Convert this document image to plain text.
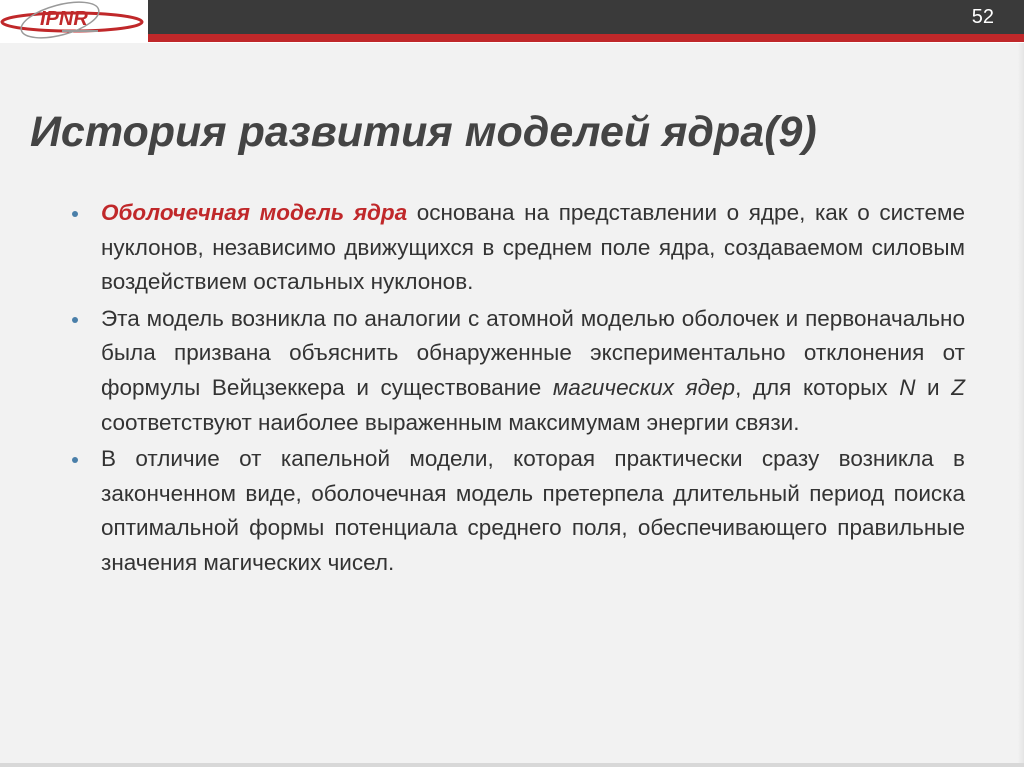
IPNR	52
История развития моделей ядра(9)
Оболочечная модель ядра основана на представлении о ядре, как о системе нуклонов, независимо движущихся в среднем поле ядра, создаваемом силовым воздействием остальных нуклонов.
Эта модель возникла по аналогии с атомной моделью оболочек и первоначально была призвана объяснить обнаруженные экспериментально отклонения от формулы Вейцзеккера и существование магических ядер, для которых N и Z соответствуют наиболее выраженным максимумам энергии связи.
В отличие от капельной модели, которая практически сразу возникла в законченном виде, оболочечная модель претерпела длительный период поиска оптимальной формы потенциала среднего поля, обеспечивающего правильные значения магических чисел.
